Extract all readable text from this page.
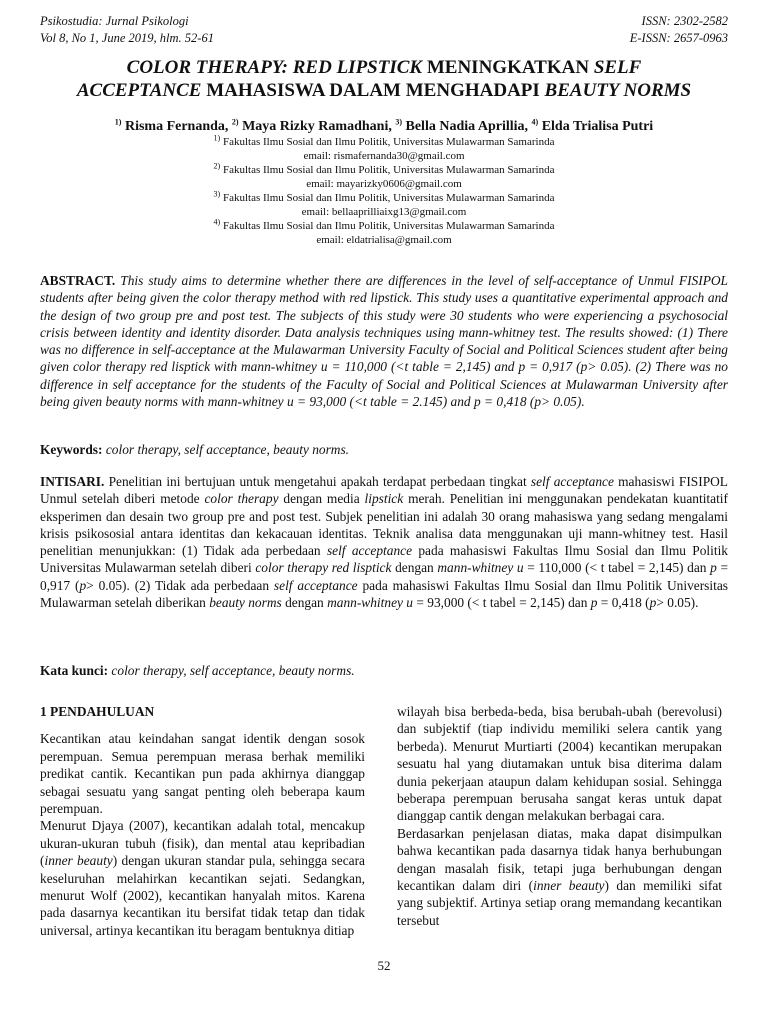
Psikostudia: Jurnal Psikologi
Vol 8, No 1, June 2019, hlm. 52-61
ISSN: 2302-2582
E-ISSN: 2657-0963
COLOR THERAPY: RED LIPSTICK MENINGKATKAN SELF
ACCEPTANCE MAHASISWA DALAM MENGHADAPI BEAUTY NORMS
$^{1)}$ Risma Fernanda, $^{2)}$ Maya Rizky Ramadhani, $^{3)}$ Bella Nadia Aprillia, $^{4)}$ Elda Trialisa Putri
$^{1)}$ Fakultas Ilmu Sosial dan Ilmu Politik, Universitas Mulawarman Samarinda
email: rismafernanda30@gmail.com
$^{2)}$ Fakultas Ilmu Sosial dan Ilmu Politik, Universitas Mulawarman Samarinda
email: mayarizky0606@gmail.com
$^{3)}$ Fakultas Ilmu Sosial dan Ilmu Politik, Universitas Mulawarman Samarinda
email: bellaaprilliaixg13@gmail.com
$^{4)}$ Fakultas Ilmu Sosial dan Ilmu Politik, Universitas Mulawarman Samarinda
email: eldatrialisa@gmail.com
ABSTRACT. This study aims to determine whether there are differences in the level of self-acceptance of Unmul FISIPOL students after being given the color therapy method with red lipstick. This study uses a quantitative experimental approach and the design of two group pre and post test. The subjects of this study were 30 students who were experiencing a psychosocial crisis between identity and identity disorder. Data analysis techniques using mann-whitney test. The results showed: (1) There was no difference in self-acceptance at the Mulawarman University Faculty of Social and Political Sciences student after being given color therapy red lisptick with mann-whitney u = 110,000 (<t table = 2,145) and p = 0,917 (p> 0.05). (2) There was no difference in self acceptance for the students of the Faculty of Social and Political Sciences at Mulawarman University after being given beauty norms with mann-whitney u = 93,000 (<t table = 2.145) and p = 0,418 (p> 0.05).
Keywords: color therapy, self acceptance, beauty norms.
INTISARI. Penelitian ini bertujuan untuk mengetahui apakah terdapat perbedaan tingkat self acceptance mahasiswi FISIPOL Unmul setelah diberi metode color therapy dengan media lipstick merah. Penelitian ini menggunakan pendekatan kuantitatif eksperimen dan desain two group pre and post test. Subjek penelitian ini adalah 30 orang mahasiswa yang sedang mengalami krisis psikososial antara identitas dan kekacauan identitas. Teknik analisa data menggunakan uji mann-whitney test. Hasil penelitian menunjukkan: (1) Tidak ada perbedaan self acceptance pada mahasiswi Fakultas Ilmu Sosial dan Ilmu Politik Universitas Mulawarman setelah diberi color therapy red lisptick dengan mann-whitney u = 110,000 (< t tabel = 2,145) dan p = 0,917 (p> 0.05). (2) Tidak ada perbedaan self acceptance pada mahasiswi Fakultas Ilmu Sosial dan Ilmu Politik Universitas Mulawarman setelah diberikan beauty norms dengan mann-whitney u = 93,000 (< t tabel = 2,145) dan p = 0,418 (p> 0.05).
Kata kunci: color therapy, self acceptance, beauty norms.
1 PENDAHULUAN

Kecantikan atau keindahan sangat identik dengan sosok perempuan. Semua perempuan merasa berhak memiliki predikat cantik. Kecantikan pun pada akhirnya dianggap sebagai sesuatu yang sangat penting oleh beberapa kaum perempuan.

Menurut Djaya (2007), kecantikan adalah total, mencakup ukuran-ukuran tubuh (fisik), dan mental atau kepribadian (inner beauty) dengan ukuran standar pula, sehingga secara keseluruhan melahirkan kecantikan sejati. Sedangkan, menurut Wolf (2002), kecantikan hanyalah mitos. Karena pada dasarnya kecantikan itu bersifat tidak tetap dan tidak universal, artinya kecantikan itu beragam bentuknya ditiap

wilayah bisa berbeda-beda, bisa berubah-ubah (berevolusi) dan subjektif (tiap individu memiliki selera cantik yang berbeda). Menurut Murtiarti (2004) kecantikan merupakan sesuatu hal yang diutamakan untuk bisa diterima dalam dunia pekerjaan ataupun dalam kehidupan sosial. Sehingga beberapa perempuan berusaha sangat keras untuk dapat dianggap cantik dengan melakukan berbagai cara.

Berdasarkan penjelasan diatas, maka dapat disimpulkan bahwa kecantikan pada dasarnya tidak hanya berhubungan dengan masalah fisik, tetapi juga berhubungan dengan kecantikan dalam diri (inner beauty) dan memiliki sifat yang subjektif. Artinya setiap orang memandang kecantikan tersebut

52
